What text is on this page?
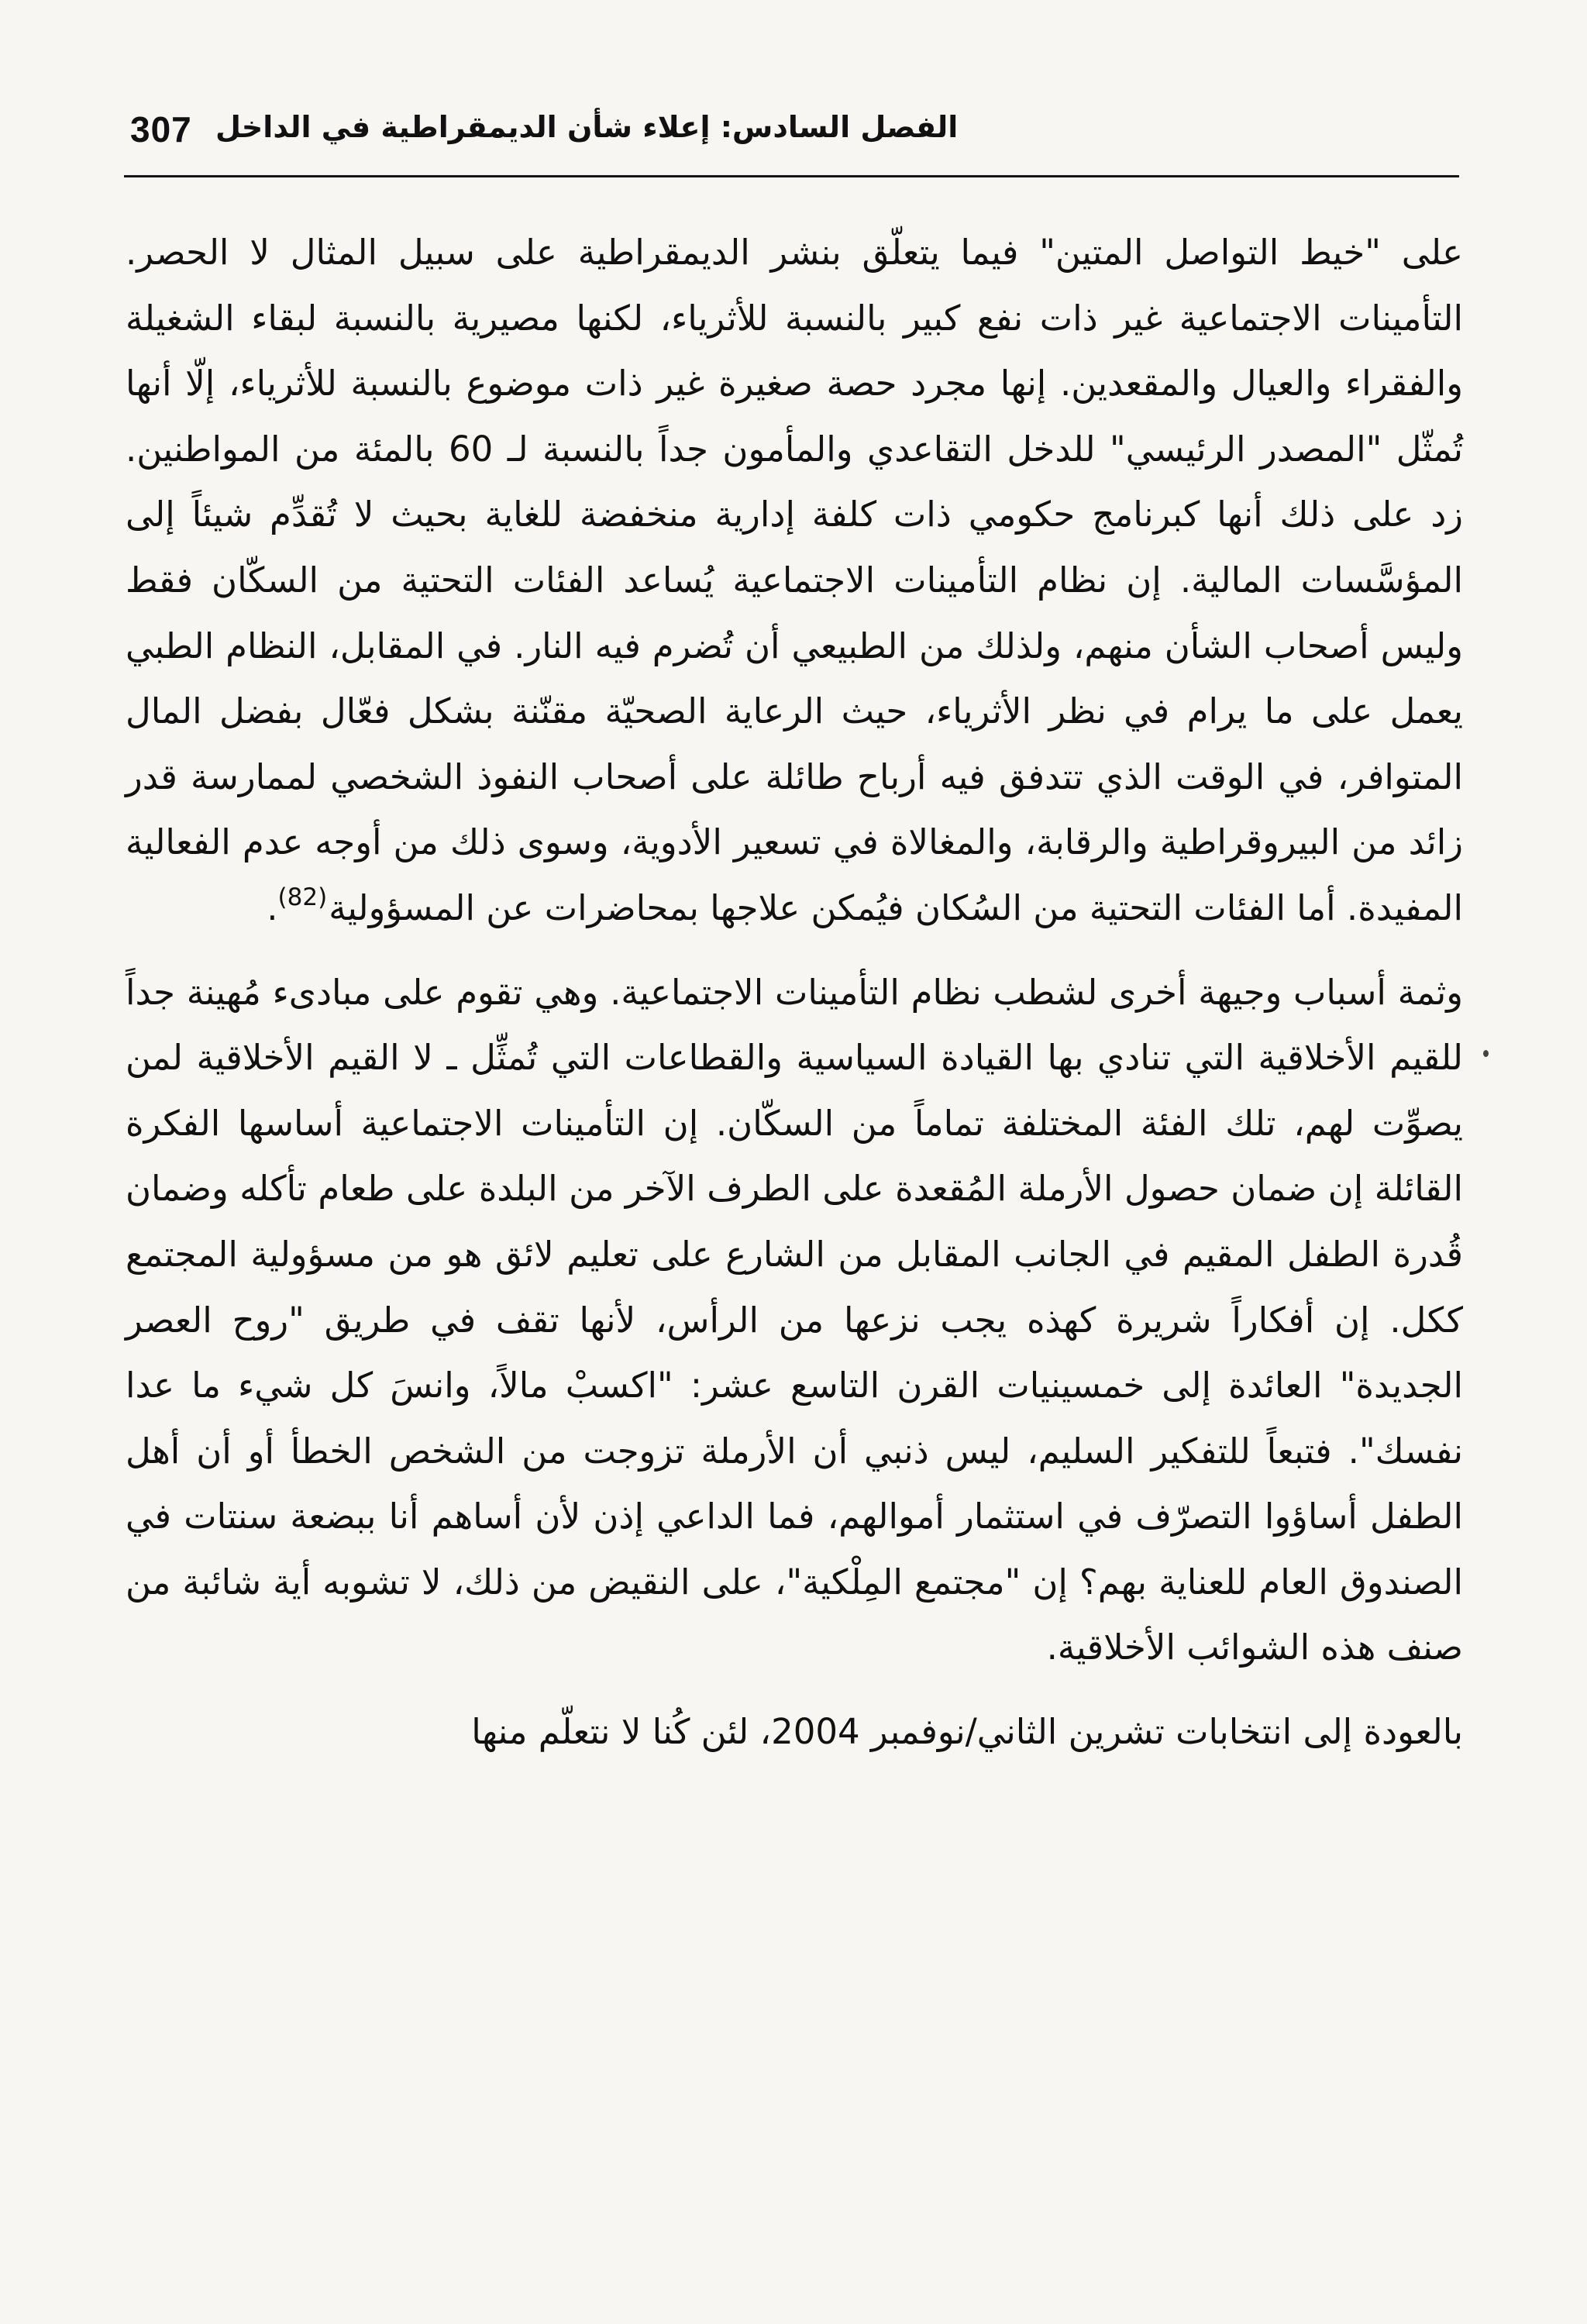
307 الفصل السادس: إعلاء شأن الديمقراطية في الداخل

على "خيط التواصل المتين" فيما يتعلّق بنشر الديمقراطية على سبيل المثال لا الحصر. التأمينات الاجتماعية غير ذات نفع كبير بالنسبة للأثرياء، لكنها مصيرية بالنسبة لبقاء الشغيلة والفقراء والعيال والمقعدين. إنها مجرد حصة صغيرة غير ذات موضوع بالنسبة للأثرياء، إلّا أنها تُمثّل "المصدر الرئيسي" للدخل التقاعدي والمأمون جداً بالنسبة لـ 60 بالمئة من المواطنين. زد على ذلك أنها كبرنامج حكومي ذات كلفة إدارية منخفضة للغاية بحيث لا تُقدِّم شيئاً إلى المؤسَّسات المالية. إن نظام التأمينات الاجتماعية يُساعد الفئات التحتية من السكّان فقط وليس أصحاب الشأن منهم، ولذلك من الطبيعي أن تُضرم فيه النار. في المقابل، النظام الطبي يعمل على ما يرام في نظر الأثرياء، حيث الرعاية الصحيّة مقنّنة بشكل فعّال بفضل المال المتوافر، في الوقت الذي تتدفق فيه أرباح طائلة على أصحاب النفوذ الشخصي لممارسة قدر زائد من البيروقراطية والرقابة، والمغالاة في تسعير الأدوية، وسوى ذلك من أوجه عدم الفعالية المفيدة. أما الفئات التحتية من السُكان فيُمكن علاجها بمحاضرات عن المسؤولية(82).

وثمة أسباب وجيهة أخرى لشطب نظام التأمينات الاجتماعية. وهي تقوم على مبادىء مُهينة جداً للقيم الأخلاقية التي تنادي بها القيادة السياسية والقطاعات التي تُمثِّل ـ لا القيم الأخلاقية لمن يصوِّت لهم، تلك الفئة المختلفة تماماً من السكّان. إن التأمينات الاجتماعية أساسها الفكرة القائلة إن ضمان حصول الأرملة المُقعدة على الطرف الآخر من البلدة على طعام تأكله وضمان قُدرة الطفل المقيم في الجانب المقابل من الشارع على تعليم لائق هو من مسؤولية المجتمع ككل. إن أفكاراً شريرة كهذه يجب نزعها من الرأس، لأنها تقف في طريق "روح العصر الجديدة" العائدة إلى خمسينيات القرن التاسع عشر: "اكسبْ مالاً، وانسَ كل شيء ما عدا نفسك". فتبعاً للتفكير السليم، ليس ذنبي أن الأرملة تزوجت من الشخص الخطأ أو أن أهل الطفل أساؤوا التصرّف في استثمار أموالهم، فما الداعي إذن لأن أساهم أنا ببضعة سنتات في الصندوق العام للعناية بهم؟ إن "مجتمع المِلْكية"، على النقيض من ذلك، لا تشوبه أية شائبة من صنف هذه الشوائب الأخلاقية.

بالعودة إلى انتخابات تشرين الثاني/نوفمبر 2004، لئن كُنا لا نتعلّم منها
